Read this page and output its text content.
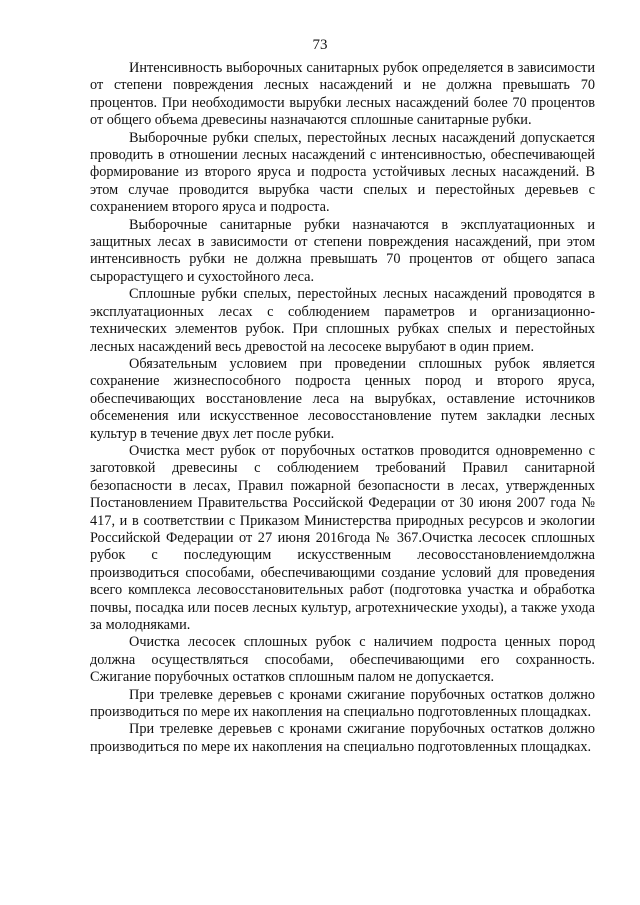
73

Интенсивность выборочных санитарных рубок определяется в зависимости от степени повреждения лесных насаждений и не должна превышать 70 процентов. При необходимости вырубки лесных насаждений более 70 процентов от общего объема древесины назначаются сплошные санитарные рубки.

Выборочные рубки спелых, перестойных лесных насаждений допускается проводить в отношении лесных насаждений с интенсивностью, обеспечивающей формирование из второго яруса и подроста устойчивых лесных насаждений. В этом случае проводится вырубка части спелых и перестойных деревьев с сохранением второго яруса и подроста.

Выборочные санитарные рубки назначаются в эксплуатационных и защитных лесах в зависимости от степени повреждения насаждений, при этом интенсивность рубки не должна превышать 70 процентов от общего запаса сырорастущего и сухостойного леса.

Сплошные рубки спелых, перестойных лесных насаждений проводятся в эксплуатационных лесах с соблюдением параметров и организационно-технических элементов рубок. При сплошных рубках спелых и перестойных лесных насаждений весь древостой на лесосеке вырубают в один прием.

Обязательным условием при проведении сплошных рубок является сохранение жизнеспособного подроста ценных пород и второго яруса, обеспечивающих восстановление леса на вырубках, оставление источников обсеменения или искусственное лесовосстановление путем закладки лесных культур в течение двух лет после рубки.

Очистка мест рубок от порубочных остатков проводится одновременно с заготовкой древесины с соблюдением требований Правил санитарной безопасности в лесах, Правил пожарной безопасности в лесах, утвержденных Постановлением Правительства Российской Федерации от 30 июня 2007 года № 417, и в соответствии с Приказом Министерства природных ресурсов и экологии Российской Федерации от 27 июня 2016года № 367.Очистка лесосек сплошных рубок с последующим искусственным лесовосстановлениемдолжна производиться способами, обеспечивающими создание условий для проведения всего комплекса лесовосстановительных работ (подготовка участка и обработка почвы, посадка или посев лесных культур, агротехнические уходы), а также ухода за молодняками.

Очистка лесосек сплошных рубок с наличием подроста ценных пород должна осуществляться способами, обеспечивающими его сохранность. Сжигание порубочных остатков сплошным палом не допускается.

При трелевке деревьев с кронами сжигание порубочных остатков должно производиться по мере их накопления на специально подготовленных площадках.

При трелевке деревьев с кронами сжигание порубочных остатков должно производиться по мере их накопления на специально подготовленных площадках.
